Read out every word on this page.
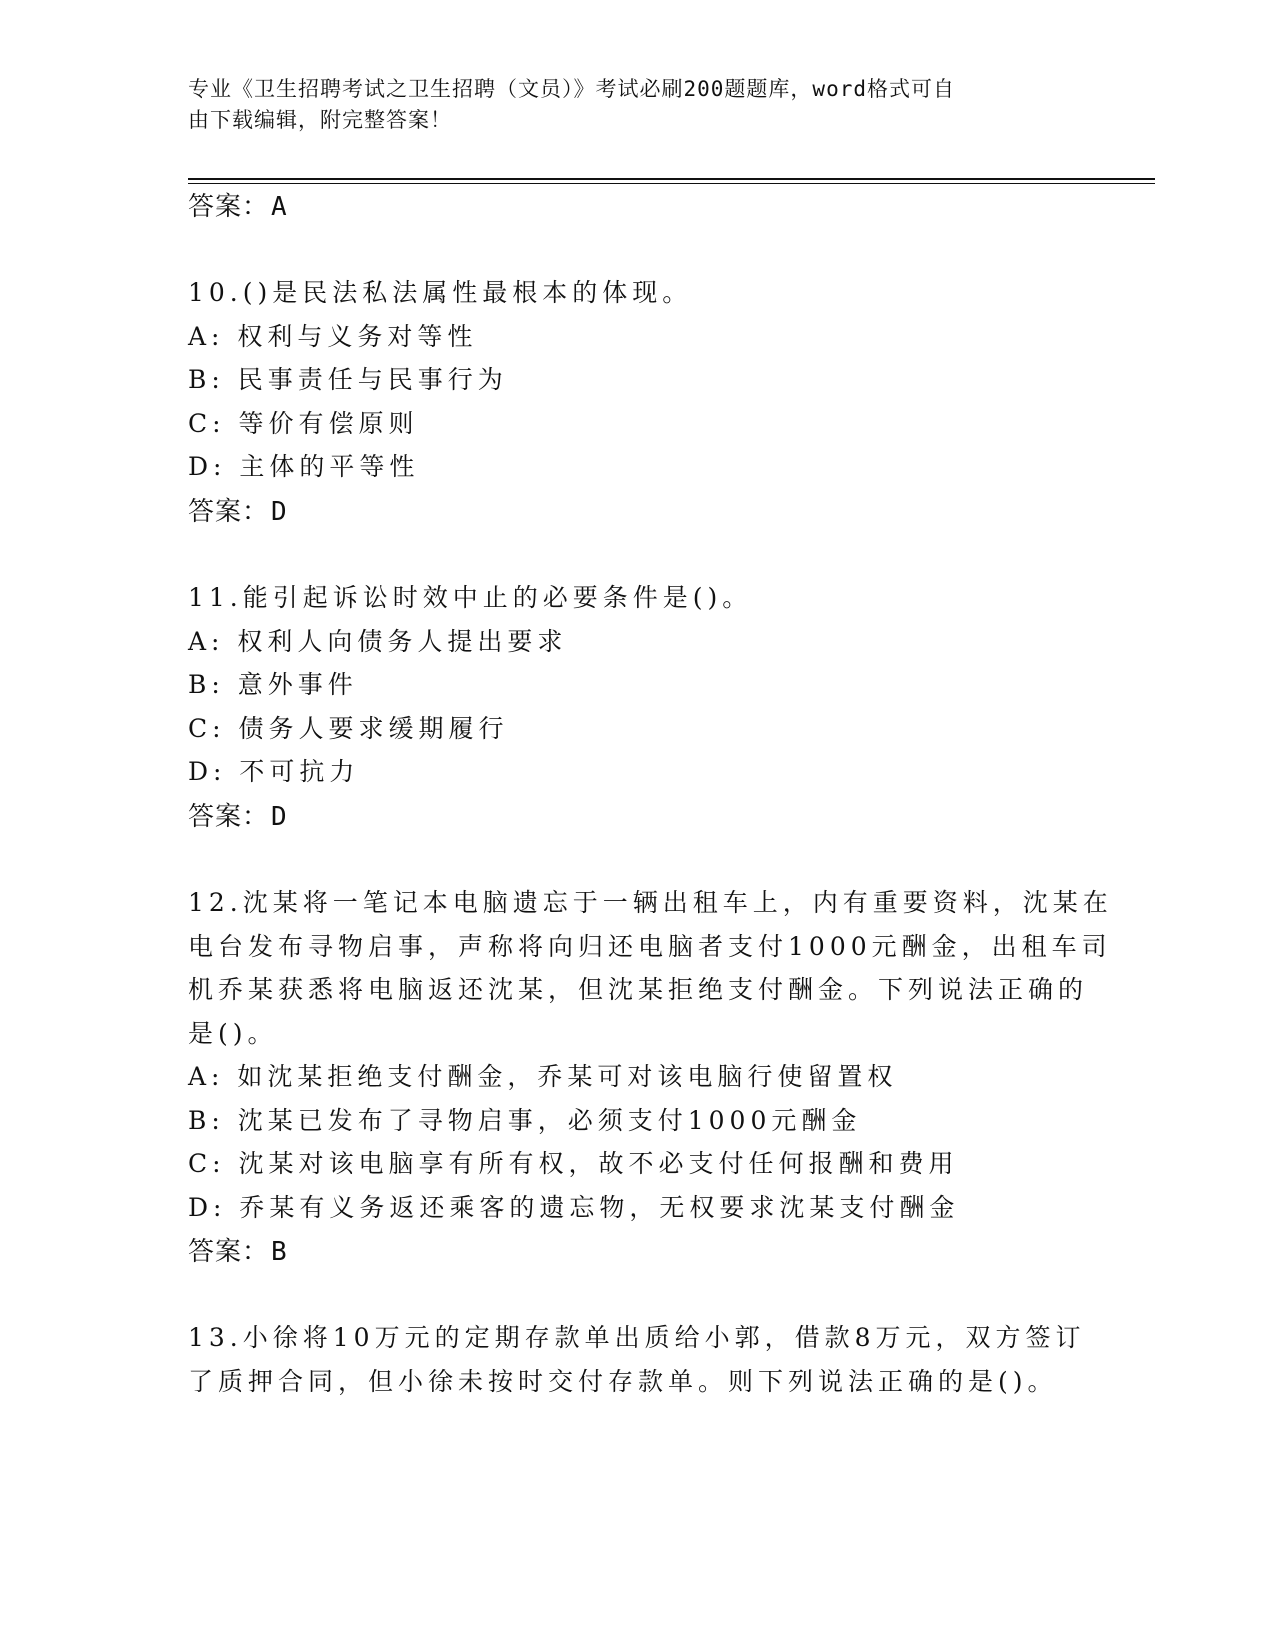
专业《卫生招聘考试之卫生招聘（文员）》考试必刷200题题库，word格式可自
由下载编辑，附完整答案！
答案：A
10.()是民法私法属性最根本的体现。
A: 权利与义务对等性
B: 民事责任与民事行为
C: 等价有偿原则
D: 主体的平等性
答案：D
11.能引起诉讼时效中止的必要条件是()。
A: 权利人向债务人提出要求
B: 意外事件
C: 债务人要求缓期履行
D: 不可抗力
答案：D
12.沈某将一笔记本电脑遗忘于一辆出租车上，内有重要资料，沈某在
电台发布寻物启事，声称将向归还电脑者支付1000元酬金，出租车司
机乔某获悉将电脑返还沈某，但沈某拒绝支付酬金。下列说法正确的
是()。
A: 如沈某拒绝支付酬金，乔某可对该电脑行使留置权
B: 沈某已发布了寻物启事，必须支付1000元酬金
C: 沈某对该电脑享有所有权，故不必支付任何报酬和费用
D: 乔某有义务返还乘客的遗忘物，无权要求沈某支付酬金
答案：B
13.小徐将10万元的定期存款单出质给小郭，借款8万元，双方签订
了质押合同，但小徐未按时交付存款单。则下列说法正确的是()。
